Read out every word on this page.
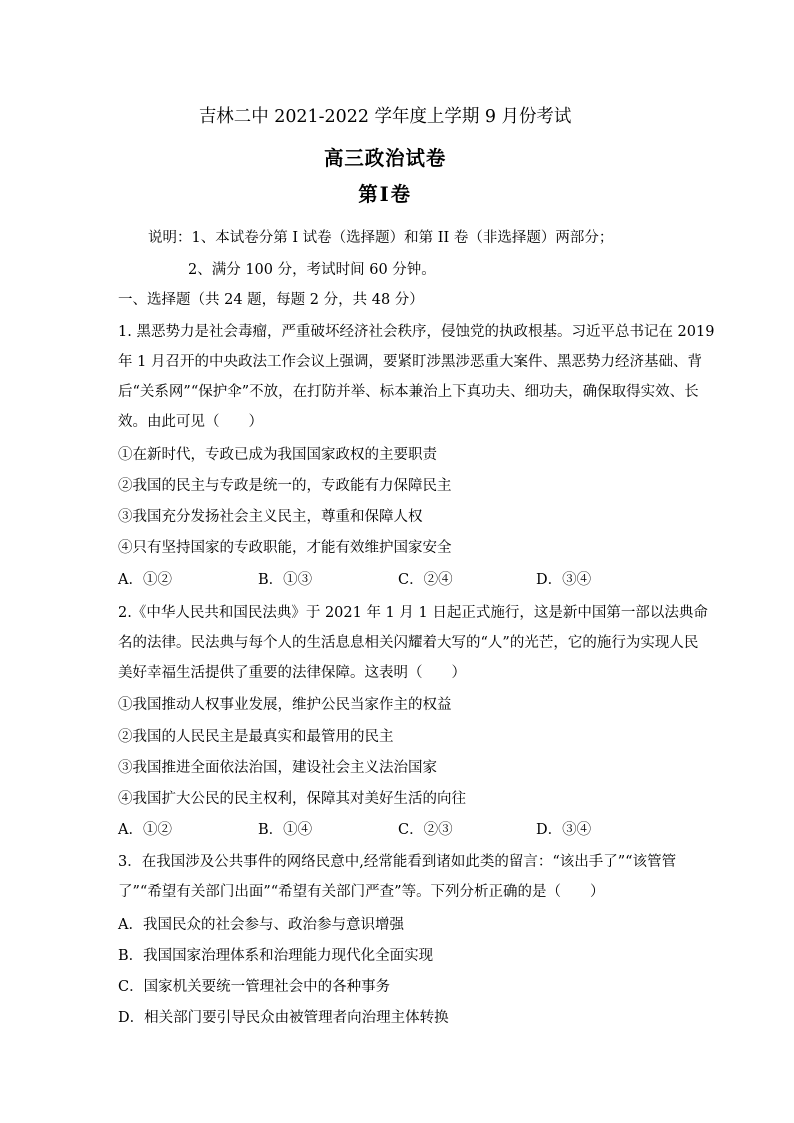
吉林二中 2021-2022 学年度上学期 9 月份考试
高三政治试卷
第Ⅰ卷
说明：1、本试卷分第 I 试卷（选择题）和第 II 卷（非选择题）两部分；
2、满分 100 分，考试时间 60 分钟。
一、选择题（共 24 题，每题 2 分，共 48 分）
1. 黑恶势力是社会毒瘤，严重破坏经济社会秩序，侵蚀党的执政根基。习近平总书记在 2019
年 1 月召开的中央政法工作会议上强调，要紧盯涉黑涉恶重大案件、黑恶势力经济基础、背
后“关系网”“保护伞”不放，在打防并举、标本兼治上下真功夫、细功夫，确保取得实效、长
效。由此可见（　　）
①在新时代，专政已成为我国国家政权的主要职责
②我国的民主与专政是统一的，专政能有力保障民主
③我国充分发扬社会主义民主，尊重和保障人权
④只有坚持国家的专政职能，才能有效维护国家安全
A．①②	B．①③	C．②④	D．③④
2.《中华人民共和国民法典》于 2021 年 1 月 1 日起正式施行，这是新中国第一部以法典命
名的法律。民法典与每个人的生活息息相关闪耀着大写的“人”的光芒，它的施行为实现人民
美好幸福生活提供了重要的法律保障。这表明（　　）
①我国推动人权事业发展，维护公民当家作主的权益
②我国的人民民主是最真实和最管用的民主
③我国推进全面依法治国，建设社会主义法治国家
④我国扩大公民的民主权利，保障其对美好生活的向往
A．①②	B．①④	C．②③	D．③④
3．在我国涉及公共事件的网络民意中,经常能看到诸如此类的留言：“该出手了”“该管管
了”“希望有关部门出面”“希望有关部门严查”等。下列分析正确的是（　　）
A．我国民众的社会参与、政治参与意识增强
B．我国国家治理体系和治理能力现代化全面实现
C．国家机关要统一管理社会中的各种事务
D．相关部门要引导民众由被管理者向治理主体转换
